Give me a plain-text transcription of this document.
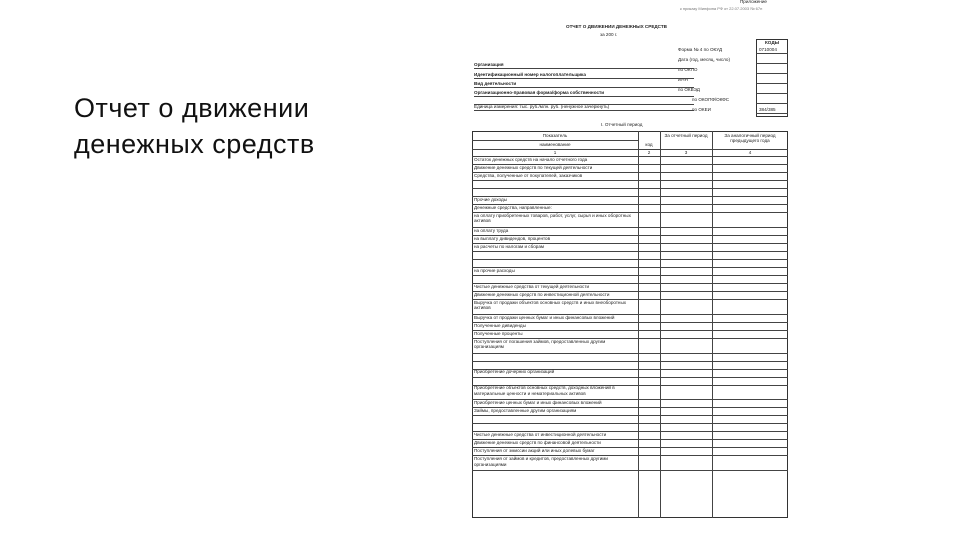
Отчет о движении
денежных средств
Приложение
к приказу Минфина РФ от 22.07.2003 № 67н
ОТЧЕТ О ДВИЖЕНИИ ДЕНЕЖНЫХ СРЕДСТВ
за 200 г.
КОДЫ
Форма № 4 по ОКУД	0710004
Дата (год, месяц, число)
по ОКПО
ИНН
по ОКВЭД
по ОКОПФ/ОКФС
по ОКЕИ	384/385
Организация
Идентификационный номер налогоплательщика
Вид деятельности
Организационно-правовая форма/форма собственности
Единица измерения: тыс. руб./млн. руб. (ненужное зачеркнуть)
I. Отчетный период
Показатель
наименование	код
За отчетный период	За аналогичный период предыдущего года
1	2	3	4
Остаток денежных средств на начало отчетного года
Движение денежных средств по текущей деятельности
Средства, полученные от покупателей, заказчиков
Прочие доходы
Денежные средства, направленные:
на оплату приобретенных товаров, работ, услуг, сырья и иных оборотных активов
на оплату труда
на выплату дивидендов, процентов
на расчеты по налогам и сборам
на прочие расходы
Чистые денежные средства от текущей деятельности
Движение денежных средств по инвестиционной деятельности
Выручка от продажи объектов основных средств и иных внеоборотных активов
Выручка от продажи ценных бумаг и иных финансовых вложений
Полученные дивиденды
Полученные проценты
Поступления от погашения займов, предоставленных другим организациям
Приобретение дочерних организаций
Приобретение объектов основных средств, доходных вложений в материальные ценности и нематериальных активов
Приобретение ценных бумаг и иных финансовых вложений
Займы, предоставленные другим организациям
Чистые денежные средства от инвестиционной деятельности
Движение денежных средств по финансовой деятельности
Поступления от эмиссии акций или иных долевых бумаг
Поступления от займов и кредитов, предоставленных другими организациями
